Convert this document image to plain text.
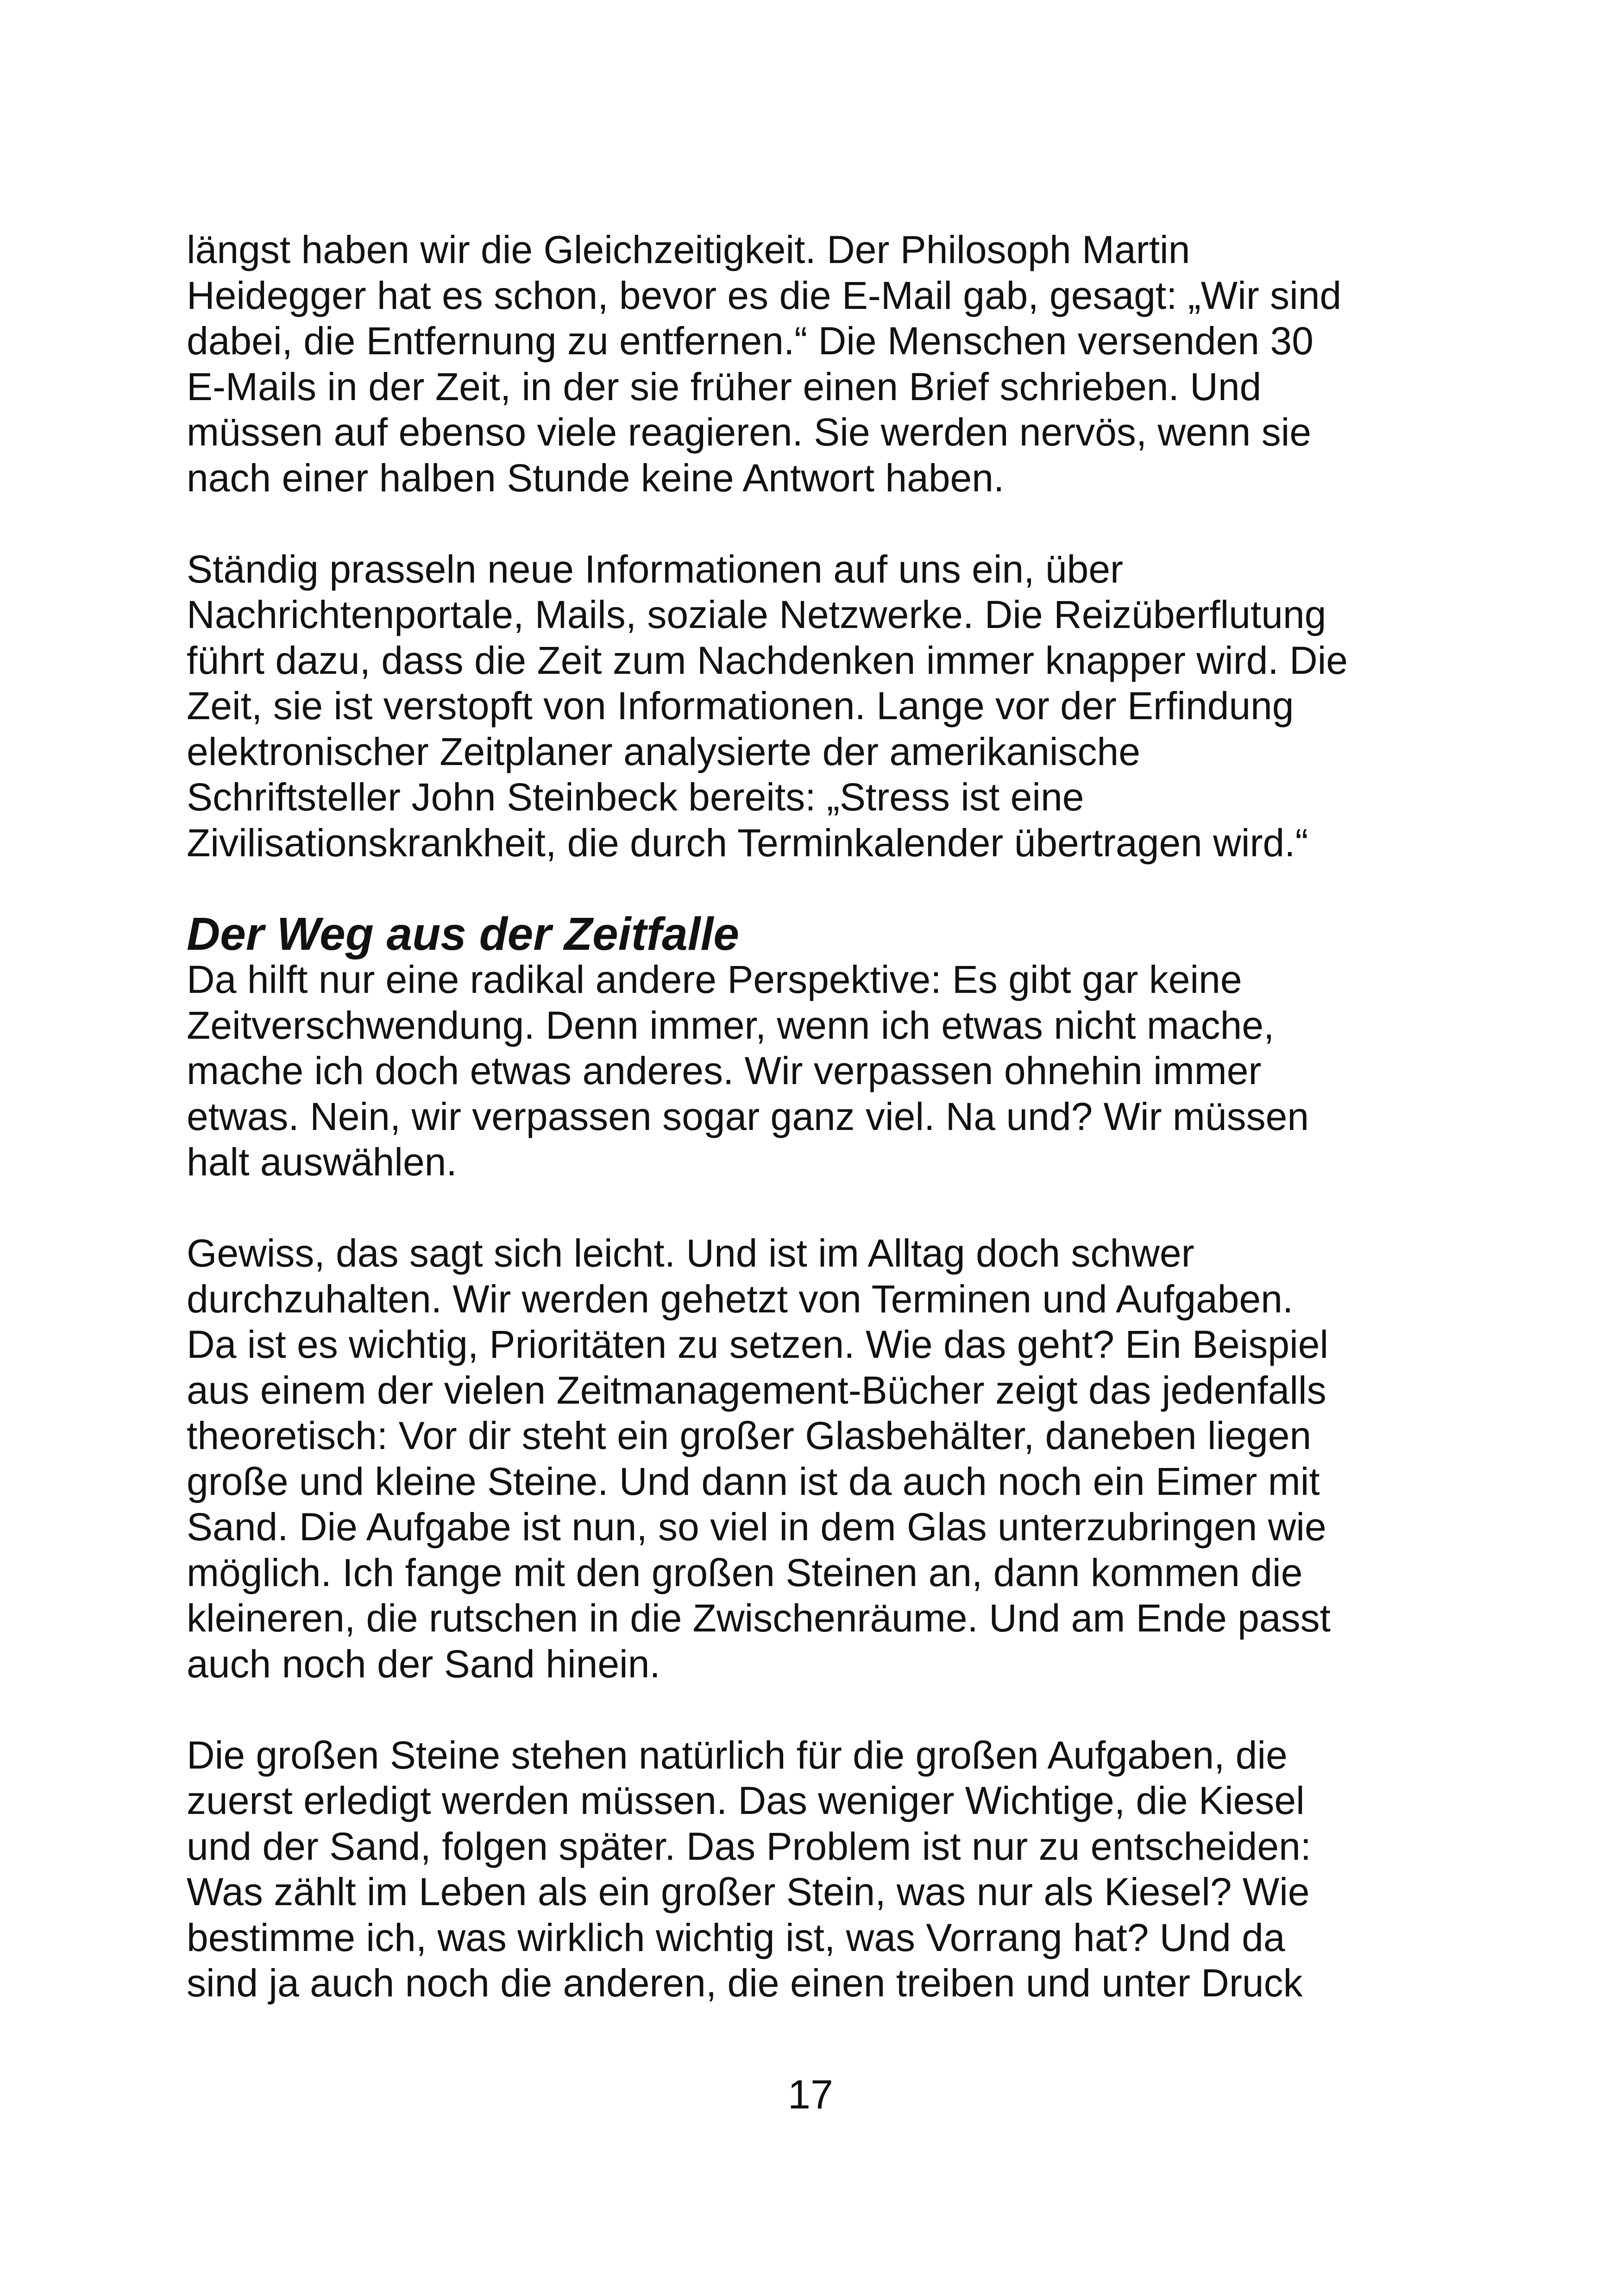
längst haben wir die Gleichzeitigkeit. Der Philosoph Martin
Heidegger hat es schon, bevor es die E-Mail gab, gesagt: „Wir sind
dabei, die Entfernung zu entfernen.“ Die Menschen versenden 30
E-Mails in der Zeit, in der sie früher einen Brief schrieben. Und
müssen auf ebenso viele reagieren. Sie werden nervös, wenn sie
nach einer halben Stunde keine Antwort haben.
Ständig prasseln neue Informationen auf uns ein, über
Nachrichtenportale, Mails, soziale Netzwerke. Die Reizüberflutung
führt dazu, dass die Zeit zum Nachdenken immer knapper wird. Die
Zeit, sie ist verstopft von Informationen. Lange vor der Erfindung
elektronischer Zeitplaner analysierte der amerikanische
Schriftsteller John Steinbeck bereits: „Stress ist eine
Zivilisationskrankheit, die durch Terminkalender übertragen wird.“
Der Weg aus der Zeitfalle
Da hilft nur eine radikal andere Perspektive: Es gibt gar keine
Zeitverschwendung. Denn immer, wenn ich etwas nicht mache,
mache ich doch etwas anderes. Wir verpassen ohnehin immer
etwas. Nein, wir verpassen sogar ganz viel. Na und? Wir müssen
halt auswählen.
Gewiss, das sagt sich leicht. Und ist im Alltag doch schwer
durchzuhalten. Wir werden gehetzt von Terminen und Aufgaben.
Da ist es wichtig, Prioritäten zu setzen. Wie das geht? Ein Beispiel
aus einem der vielen Zeitmanagement-Bücher zeigt das jedenfalls
theoretisch: Vor dir steht ein großer Glasbehälter, daneben liegen
große und kleine Steine. Und dann ist da auch noch ein Eimer mit
Sand. Die Aufgabe ist nun, so viel in dem Glas unterzubringen wie
möglich. Ich fange mit den großen Steinen an, dann kommen die
kleineren, die rutschen in die Zwischenräume. Und am Ende passt
auch noch der Sand hinein.
Die großen Steine stehen natürlich für die großen Aufgaben, die
zuerst erledigt werden müssen. Das weniger Wichtige, die Kiesel
und der Sand, folgen später. Das Problem ist nur zu entscheiden:
Was zählt im Leben als ein großer Stein, was nur als Kiesel? Wie
bestimme ich, was wirklich wichtig ist, was Vorrang hat? Und da
sind ja auch noch die anderen, die einen treiben und unter Druck
17
